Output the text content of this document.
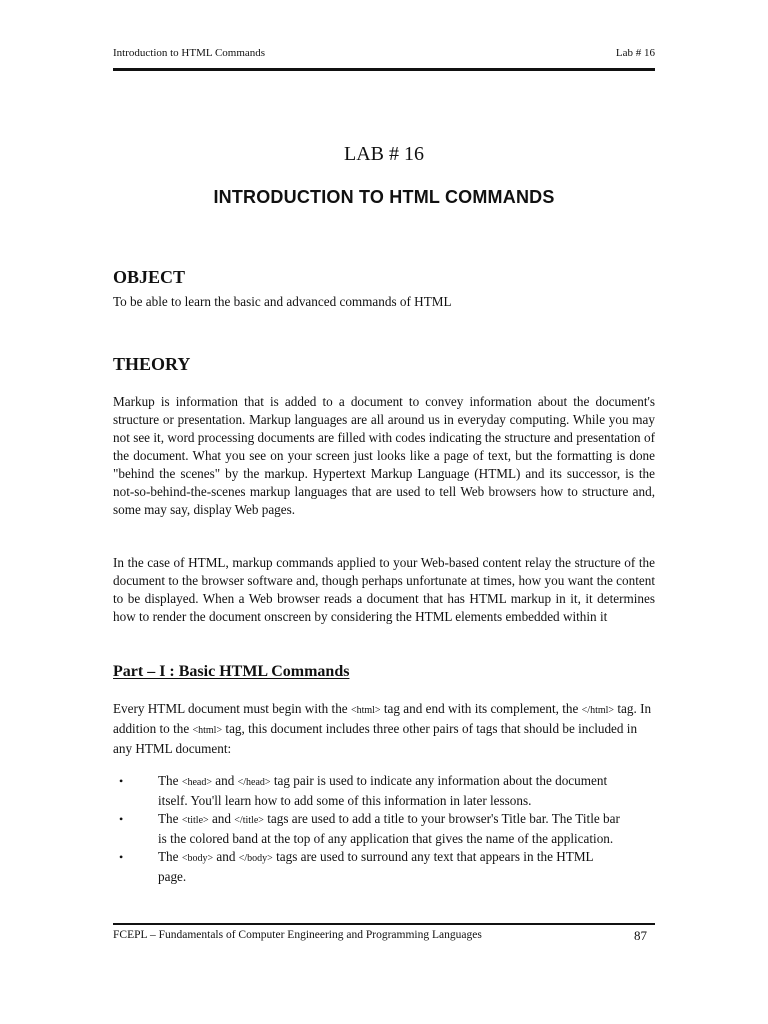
Introduction to HTML Commands	Lab # 16
LAB # 16
INTRODUCTION TO HTML COMMANDS
OBJECT
To be able to learn the basic and advanced commands of HTML
THEORY
Markup is information that is added to a document to convey information about the document's structure or presentation. Markup languages are all around us in everyday computing. While you may not see it, word processing documents are filled with codes indicating the structure and presentation of the document. What you see on your screen just looks like a page of text, but the formatting is done "behind the scenes" by the markup. Hypertext Markup Language (HTML) and its successor, is the not-so-behind-the-scenes markup languages that are used to tell Web browsers how to structure and, some may say, display Web pages.
In the case of HTML, markup commands applied to your Web-based content relay the structure of the document to the browser software and, though perhaps unfortunate at times, how you want the content to be displayed. When a Web browser reads a document that has HTML markup in it, it determines how to render the document onscreen by considering the HTML elements embedded within it
Part – I : Basic HTML Commands
Every HTML document must begin with the <html> tag and end with its complement, the </html> tag. In addition to the <html> tag, this document includes three other pairs of tags that should be included in any HTML document:
•	The <head> and </head> tag pair is used to indicate any information about the document itself. You'll learn how to add some of this information in later lessons.
•	The <title> and </title> tags are used to add a title to your browser's Title bar. The Title bar is the colored band at the top of any application that gives the name of the application.
•	The <body> and </body> tags are used to surround any text that appears in the HTML page.
FCEPL – Fundamentals of Computer Engineering and Programming Languages	87
